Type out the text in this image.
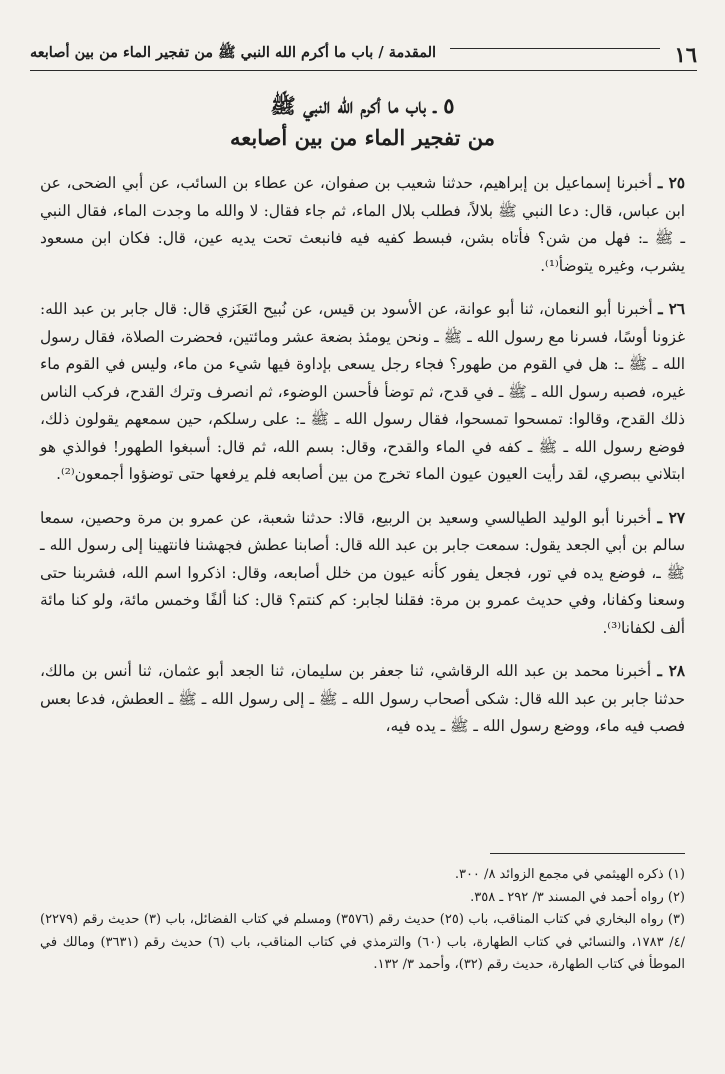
١٦
المقدمة / باب ما أكرم الله النبي ﷺ من تفجير الماء من بين أصابعه
٥ ـ باب ما أكرم الله النبي ﷺ
من تفجير الماء من بين أصابعه

٢٥ ـ أخبرنا إسماعيل بن إبراهيم، حدثنا شعيب بن صفوان، عن عطاء بن السائب، عن أبي الضحى، عن ابن عباس، قال: دعا النبي ﷺ بلالاً، فطلب بلال الماء، ثم جاء فقال: لا والله ما وجدت الماء، فقال النبي ـ ﷺ ـ: فهل من شن؟ فأتاه بشن، فبسط كفيه فيه فانبعث تحت يديه عين، قال: فكان ابن مسعود يشرب، وغيره يتوضأ⁽¹⁾.

٢٦ ـ أخبرنا أبو النعمان، ثنا أبو عوانة، عن الأسود بن قيس، عن نُبيح العَنَزي قال: قال جابر بن عبد الله: غزونا أوسًا، فسرنا مع رسول الله ـ ﷺ ـ ونحن يومئذ بضعة عشر ومائتين، فحضرت الصلاة، فقال رسول الله ـ ﷺ ـ: هل في القوم من طهور؟ فجاء رجل يسعى بإداوة فيها شيء من ماء، وليس في القوم ماء غيره، فصبه رسول الله ـ ﷺ ـ في قدح، ثم توضأ فأحسن الوضوء، ثم انصرف وترك القدح، فركب الناس ذلك القدح، وقالوا: تمسحوا تمسحوا، فقال رسول الله ـ ﷺ ـ: على رسلكم، حين سمعهم يقولون ذلك، فوضع رسول الله ـ ﷺ ـ كفه في الماء والقدح، وقال: بسم الله، ثم قال: أسبغوا الطهور! فوالذي هو ابتلاني ببصري، لقد رأيت العيون عيون الماء تخرج من بين أصابعه فلم يرفعها حتى توضؤوا أجمعون⁽²⁾.

٢٧ ـ أخبرنا أبو الوليد الطيالسي وسعيد بن الربيع، قالا: حدثنا شعبة، عن عمرو بن مرة وحصين، سمعا سالم بن أبي الجعد يقول: سمعت جابر بن عبد الله قال: أصابنا عطش فجهشنا فانتهينا إلى رسول الله ـ ﷺ ـ، فوضع يده في تور، فجعل يفور كأنه عيون من خلل أصابعه، وقال: اذكروا اسم الله، فشربنا حتى وسعنا وكفانا، وفي حديث عمرو بن مرة: فقلنا لجابر: كم كنتم؟ قال: كنا ألفًا وخمس مائة، ولو كنا مائة ألف لكفانا⁽³⁾.

٢٨ ـ أخبرنا محمد بن عبد الله الرقاشي، ثنا جعفر بن سليمان، ثنا الجعد أبو عثمان، ثنا أنس بن مالك، حدثنا جابر بن عبد الله قال: شكى أصحاب رسول الله ـ ﷺ ـ إلى رسول الله ـ ﷺ ـ العطش، فدعا بعس فصب فيه ماء، ووضع رسول الله ـ ﷺ ـ يده فيه،

(١) ذكره الهيثمي في مجمع الزوائد ٨/ ٣٠٠.

(٢) رواه أحمد في المسند ٣/ ٢٩٢ ـ ٣٥٨.

(٣) رواه البخاري في كتاب المناقب، باب (٢٥) حديث رقم (٣٥٧٦) ومسلم في كتاب الفضائل، باب (٣) حديث رقم (٢٢٧٩) /٤/ ١٧٨٣، والنسائي في كتاب الطهارة، باب (٦٠) والترمذي في كتاب المناقب، باب (٦) حديث رقم (٣٦٣١) ومالك في الموطأ في كتاب الطهارة، حديث رقم (٣٢)، وأحمد ٣/ ١٣٢.
